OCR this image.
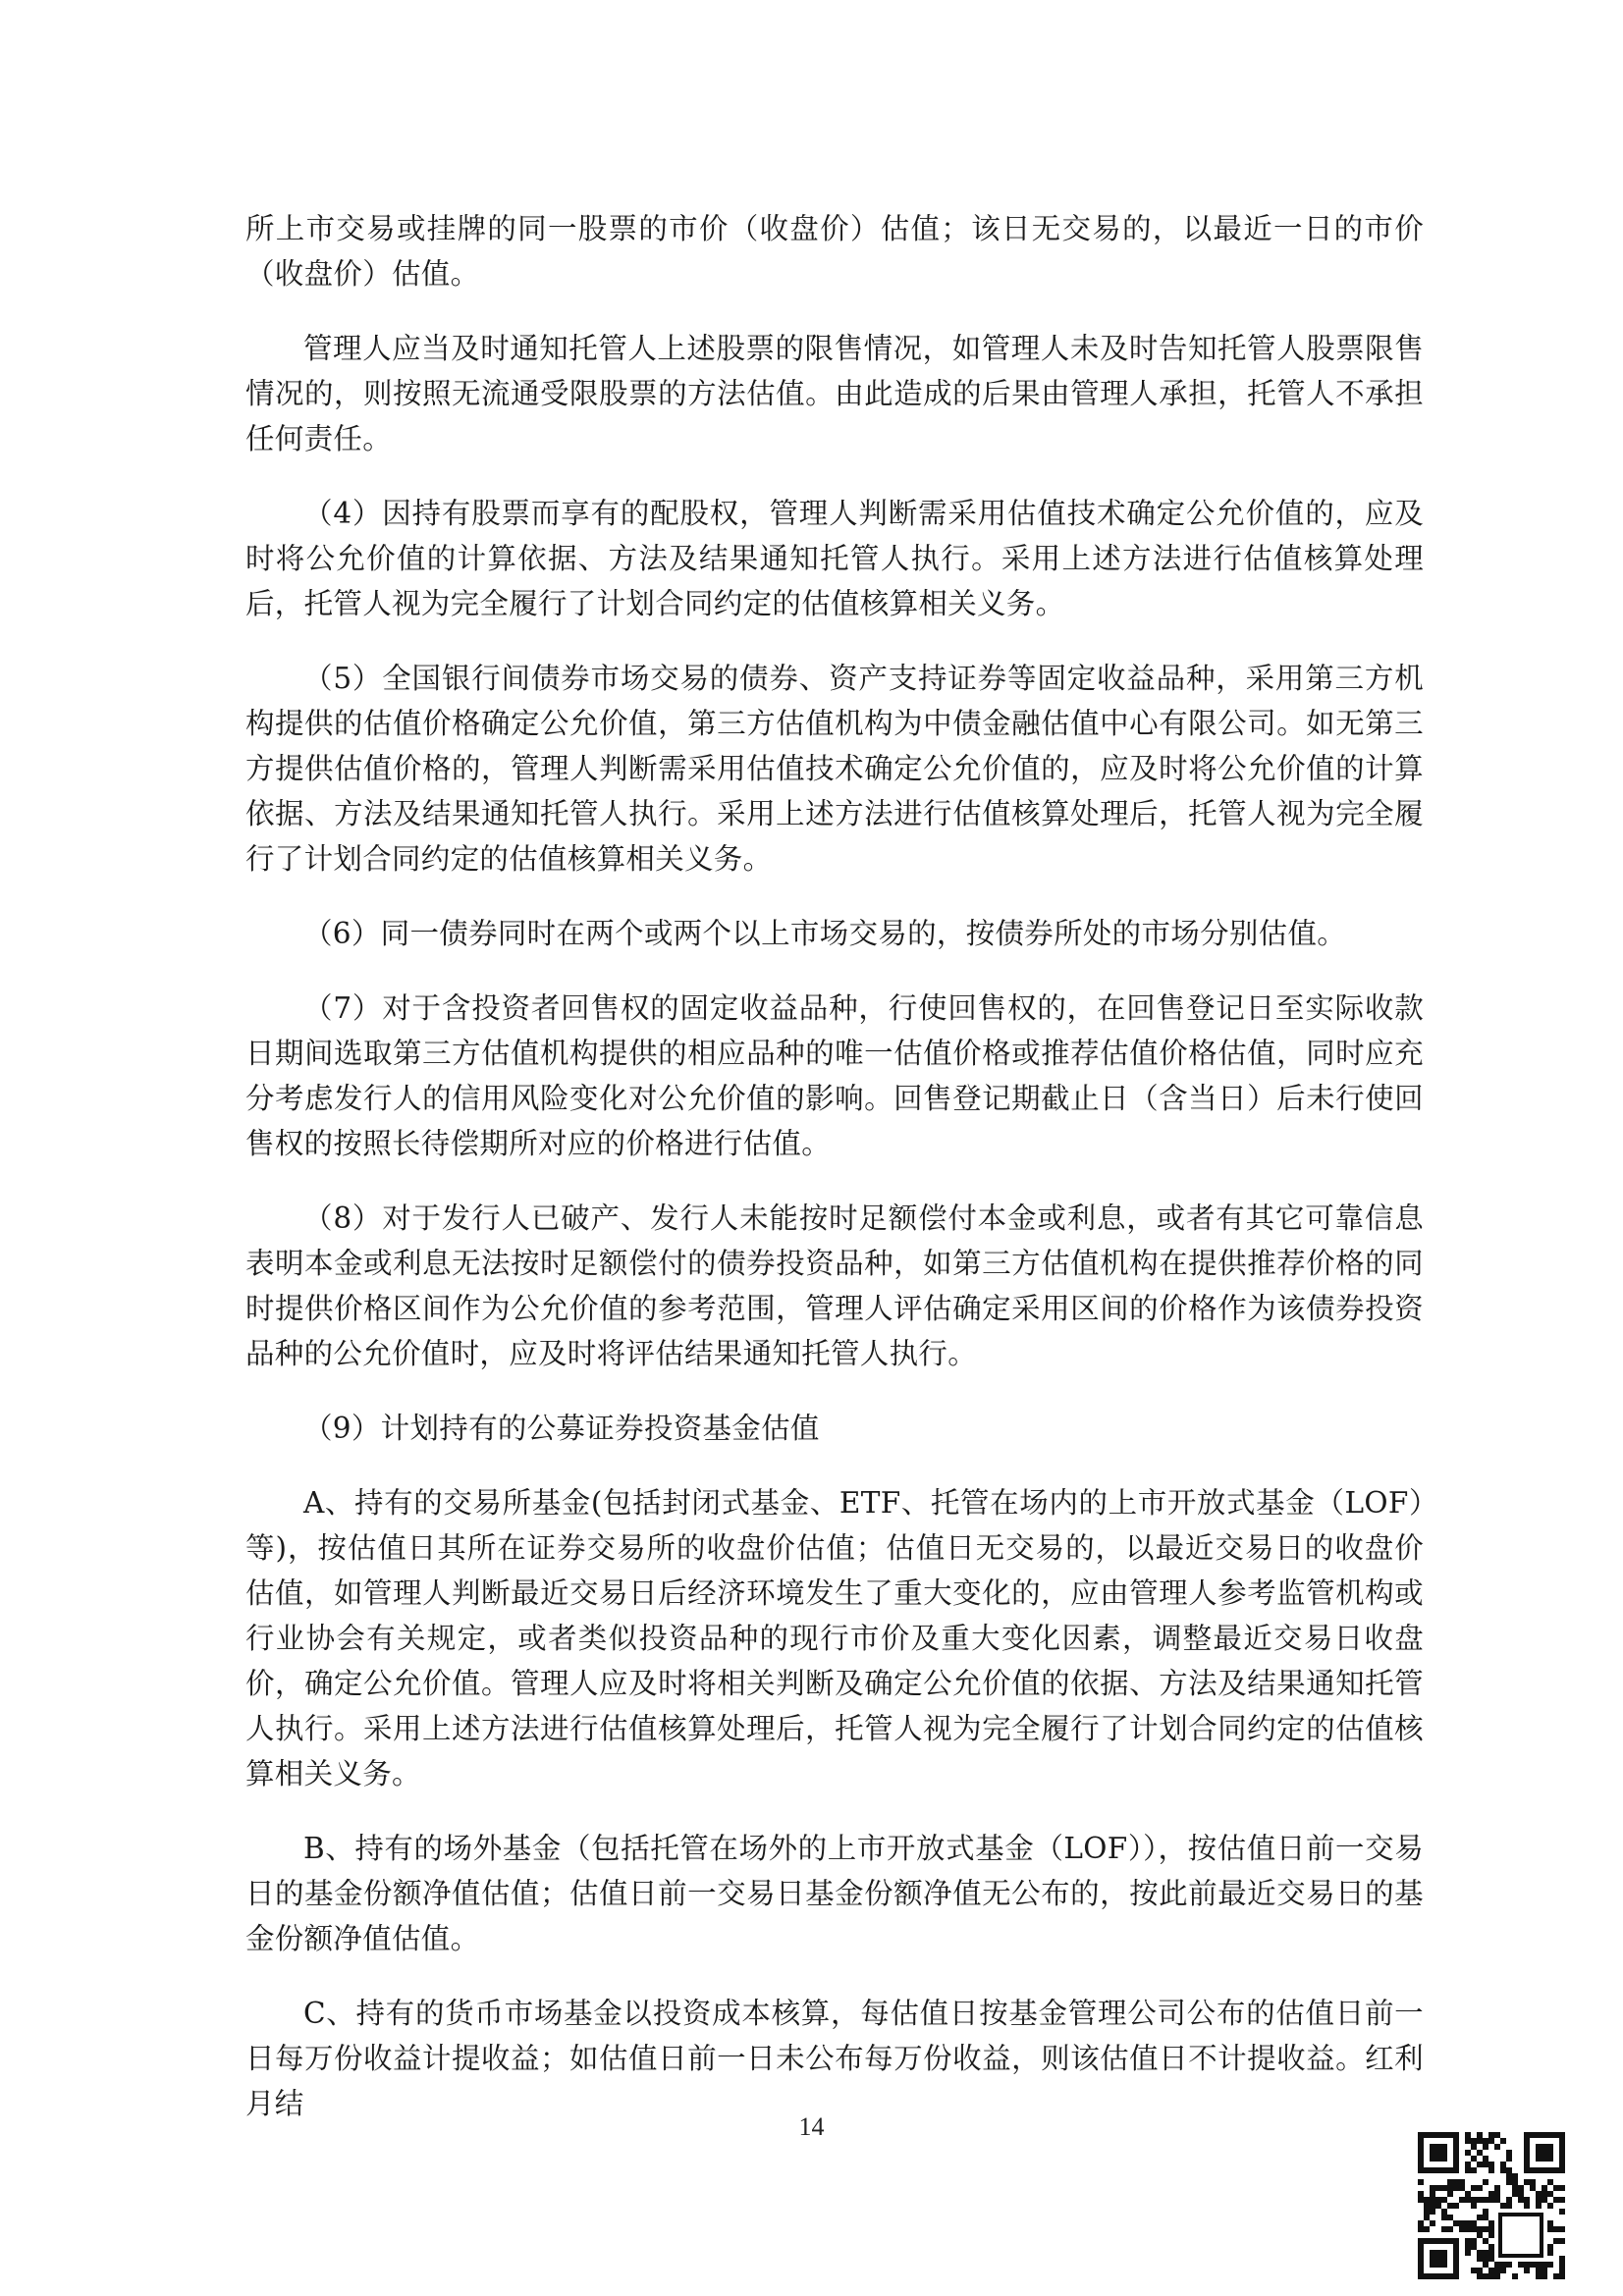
所上市交易或挂牌的同一股票的市价（收盘价）估值；该日无交易的，以最近一日的市价（收盘价）估值。

管理人应当及时通知托管人上述股票的限售情况，如管理人未及时告知托管人股票限售情况的，则按照无流通受限股票的方法估值。由此造成的后果由管理人承担，托管人不承担任何责任。

（4）因持有股票而享有的配股权，管理人判断需采用估值技术确定公允价值的，应及时将公允价值的计算依据、方法及结果通知托管人执行。采用上述方法进行估值核算处理后，托管人视为完全履行了计划合同约定的估值核算相关义务。

（5）全国银行间债券市场交易的债券、资产支持证券等固定收益品种，采用第三方机构提供的估值价格确定公允价值，第三方估值机构为中债金融估值中心有限公司。如无第三方提供估值价格的，管理人判断需采用估值技术确定公允价值的，应及时将公允价值的计算依据、方法及结果通知托管人执行。采用上述方法进行估值核算处理后，托管人视为完全履行了计划合同约定的估值核算相关义务。

（6）同一债券同时在两个或两个以上市场交易的，按债券所处的市场分别估值。

（7）对于含投资者回售权的固定收益品种，行使回售权的，在回售登记日至实际收款日期间选取第三方估值机构提供的相应品种的唯一估值价格或推荐估值价格估值，同时应充分考虑发行人的信用风险变化对公允价值的影响。回售登记期截止日（含当日）后未行使回售权的按照长待偿期所对应的价格进行估值。

（8）对于发行人已破产、发行人未能按时足额偿付本金或利息，或者有其它可靠信息表明本金或利息无法按时足额偿付的债券投资品种，如第三方估值机构在提供推荐价格的同时提供价格区间作为公允价值的参考范围，管理人评估确定采用区间的价格作为该债券投资品种的公允价值时，应及时将评估结果通知托管人执行。

（9）计划持有的公募证券投资基金估值

A、持有的交易所基金(包括封闭式基金、ETF、托管在场内的上市开放式基金（LOF）等)，按估值日其所在证券交易所的收盘价估值；估值日无交易的，以最近交易日的收盘价估值，如管理人判断最近交易日后经济环境发生了重大变化的，应由管理人参考监管机构或行业协会有关规定，或者类似投资品种的现行市价及重大变化因素，调整最近交易日收盘价，确定公允价值。管理人应及时将相关判断及确定公允价值的依据、方法及结果通知托管人执行。采用上述方法进行估值核算处理后，托管人视为完全履行了计划合同约定的估值核算相关义务。

B、持有的场外基金（包括托管在场外的上市开放式基金（LOF）），按估值日前一交易日的基金份额净值估值；估值日前一交易日基金份额净值无公布的，按此前最近交易日的基金份额净值估值。

C、持有的货币市场基金以投资成本核算，每估值日按基金管理公司公布的估值日前一日每万份收益计提收益；如估值日前一日未公布每万份收益，则该估值日不计提收益。红利月结

14
